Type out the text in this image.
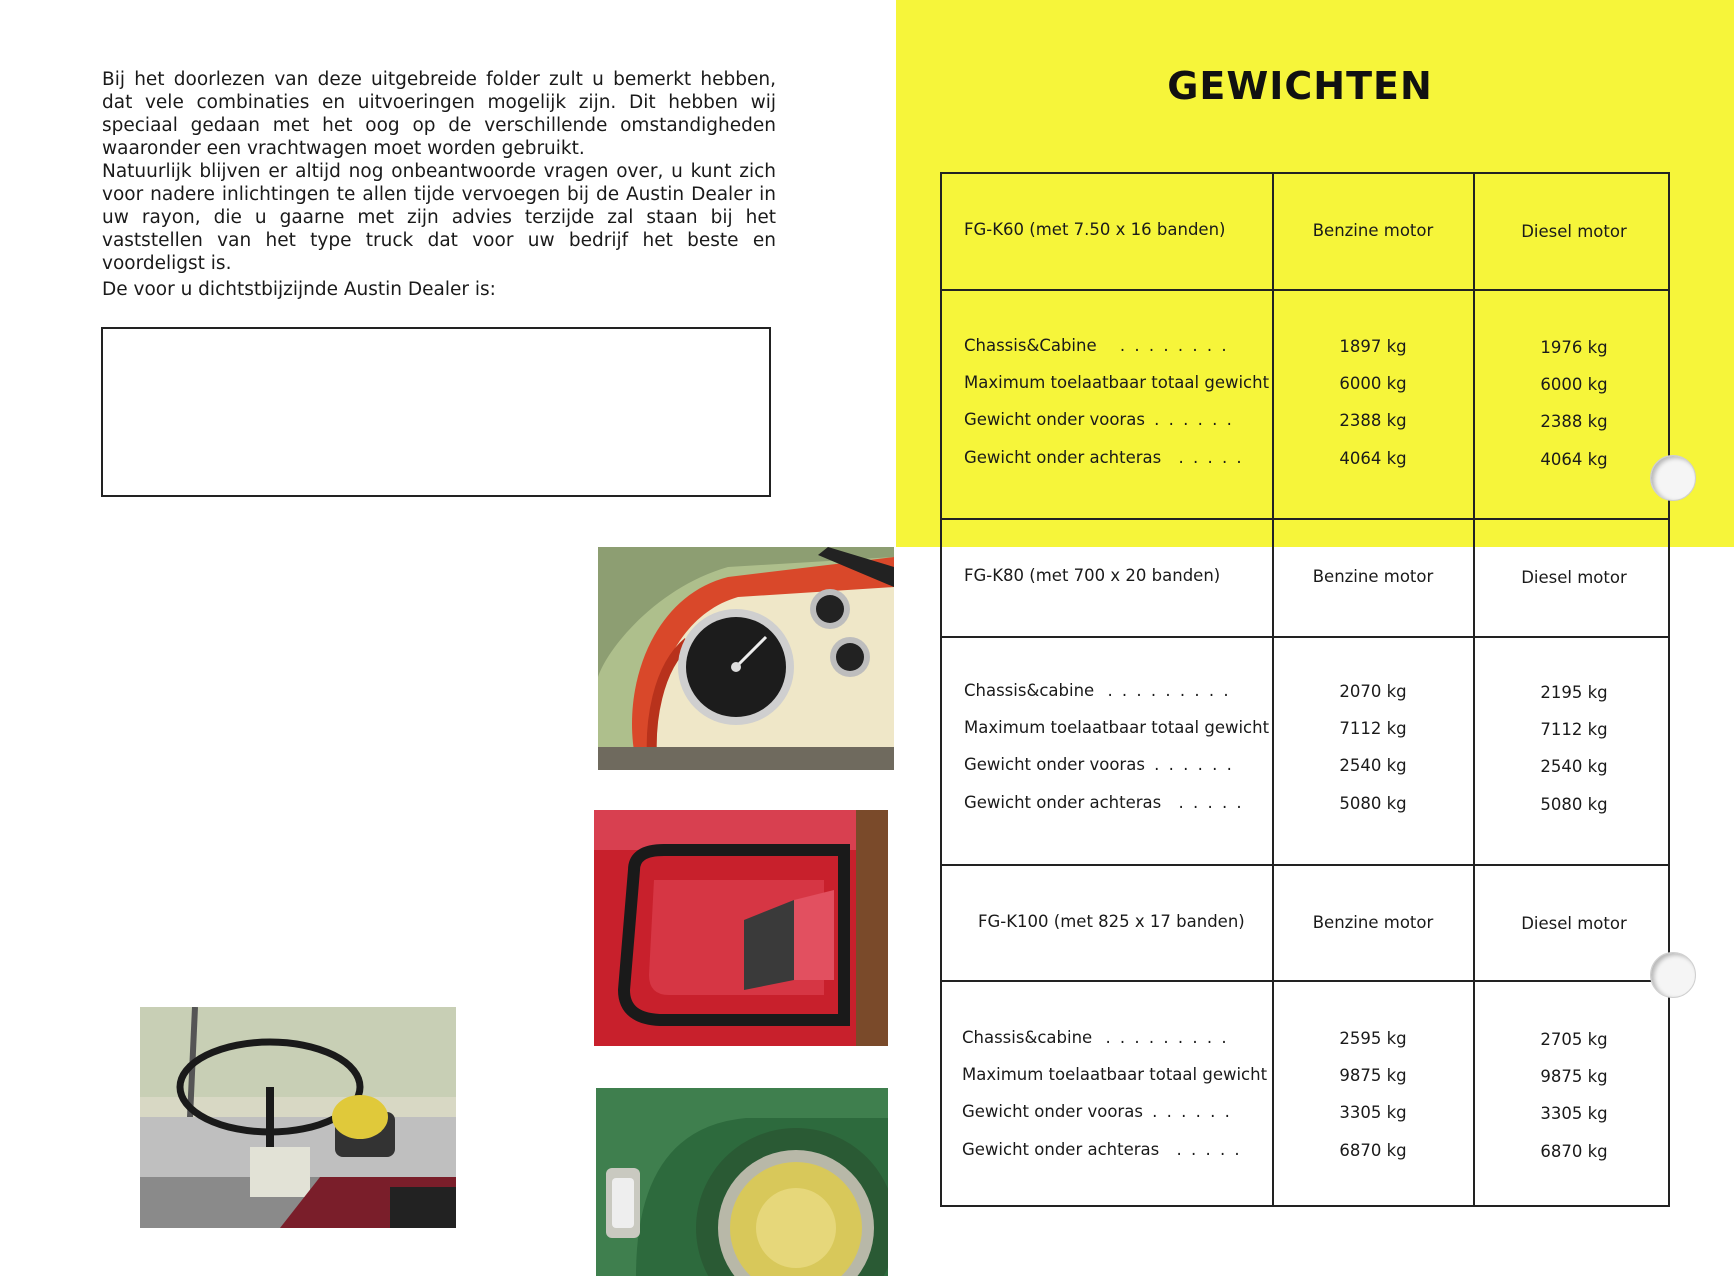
Bij het doorlezen van deze uitgebreide folder zult u bemerkt hebben, dat vele combinaties en uitvoeringen mogelijk zijn. Dit hebben wij speciaal gedaan met het oog op de verschillende omstandigheden waaronder een vrachtwagen moet worden gebruikt.

Natuurlijk blijven er altijd nog onbeantwoorde vragen over, u kunt zich voor nadere inlichtingen te allen tijde vervoegen bij de Austin Dealer in uw rayon, die u gaarne met zijn advies terzijde zal staan bij het vaststellen van het type truck dat voor uw bedrijf het beste en voordeligst is.

De voor u dichtstbijzijnde Austin Dealer is:

GEWICHTEN
FG-K60 (met 7.50 x 16 banden)	Benzine motor	Diesel motor
Chassis&Cabine . . . . . . . .	1897 kg	1976 kg
Maximum toelaatbaar totaal gewicht	6000 kg	6000 kg
Gewicht onder vooras . . . . . .	2388 kg	2388 kg
Gewicht onder achteras . . . . .	4064 kg	4064 kg
FG-K80 (met 700 x 20 banden)	Benzine motor	Diesel motor
Chassis&cabine . . . . . . . . .	2070 kg	2195 kg
Maximum toelaatbaar totaal gewicht	7112 kg	7112 kg
Gewicht onder vooras . . . . . .	2540 kg	2540 kg
Gewicht onder achteras . . . . .	5080 kg	5080 kg
FG-K100 (met 825 x 17 banden)	Benzine motor	Diesel motor
Chassis&cabine . . . . . . . . .	2595 kg	2705 kg
Maximum toelaatbaar totaal gewicht	9875 kg	9875 kg
Gewicht onder vooras . . . . . .	3305 kg	3305 kg
Gewicht onder achteras . . . . .	6870 kg	6870 kg
